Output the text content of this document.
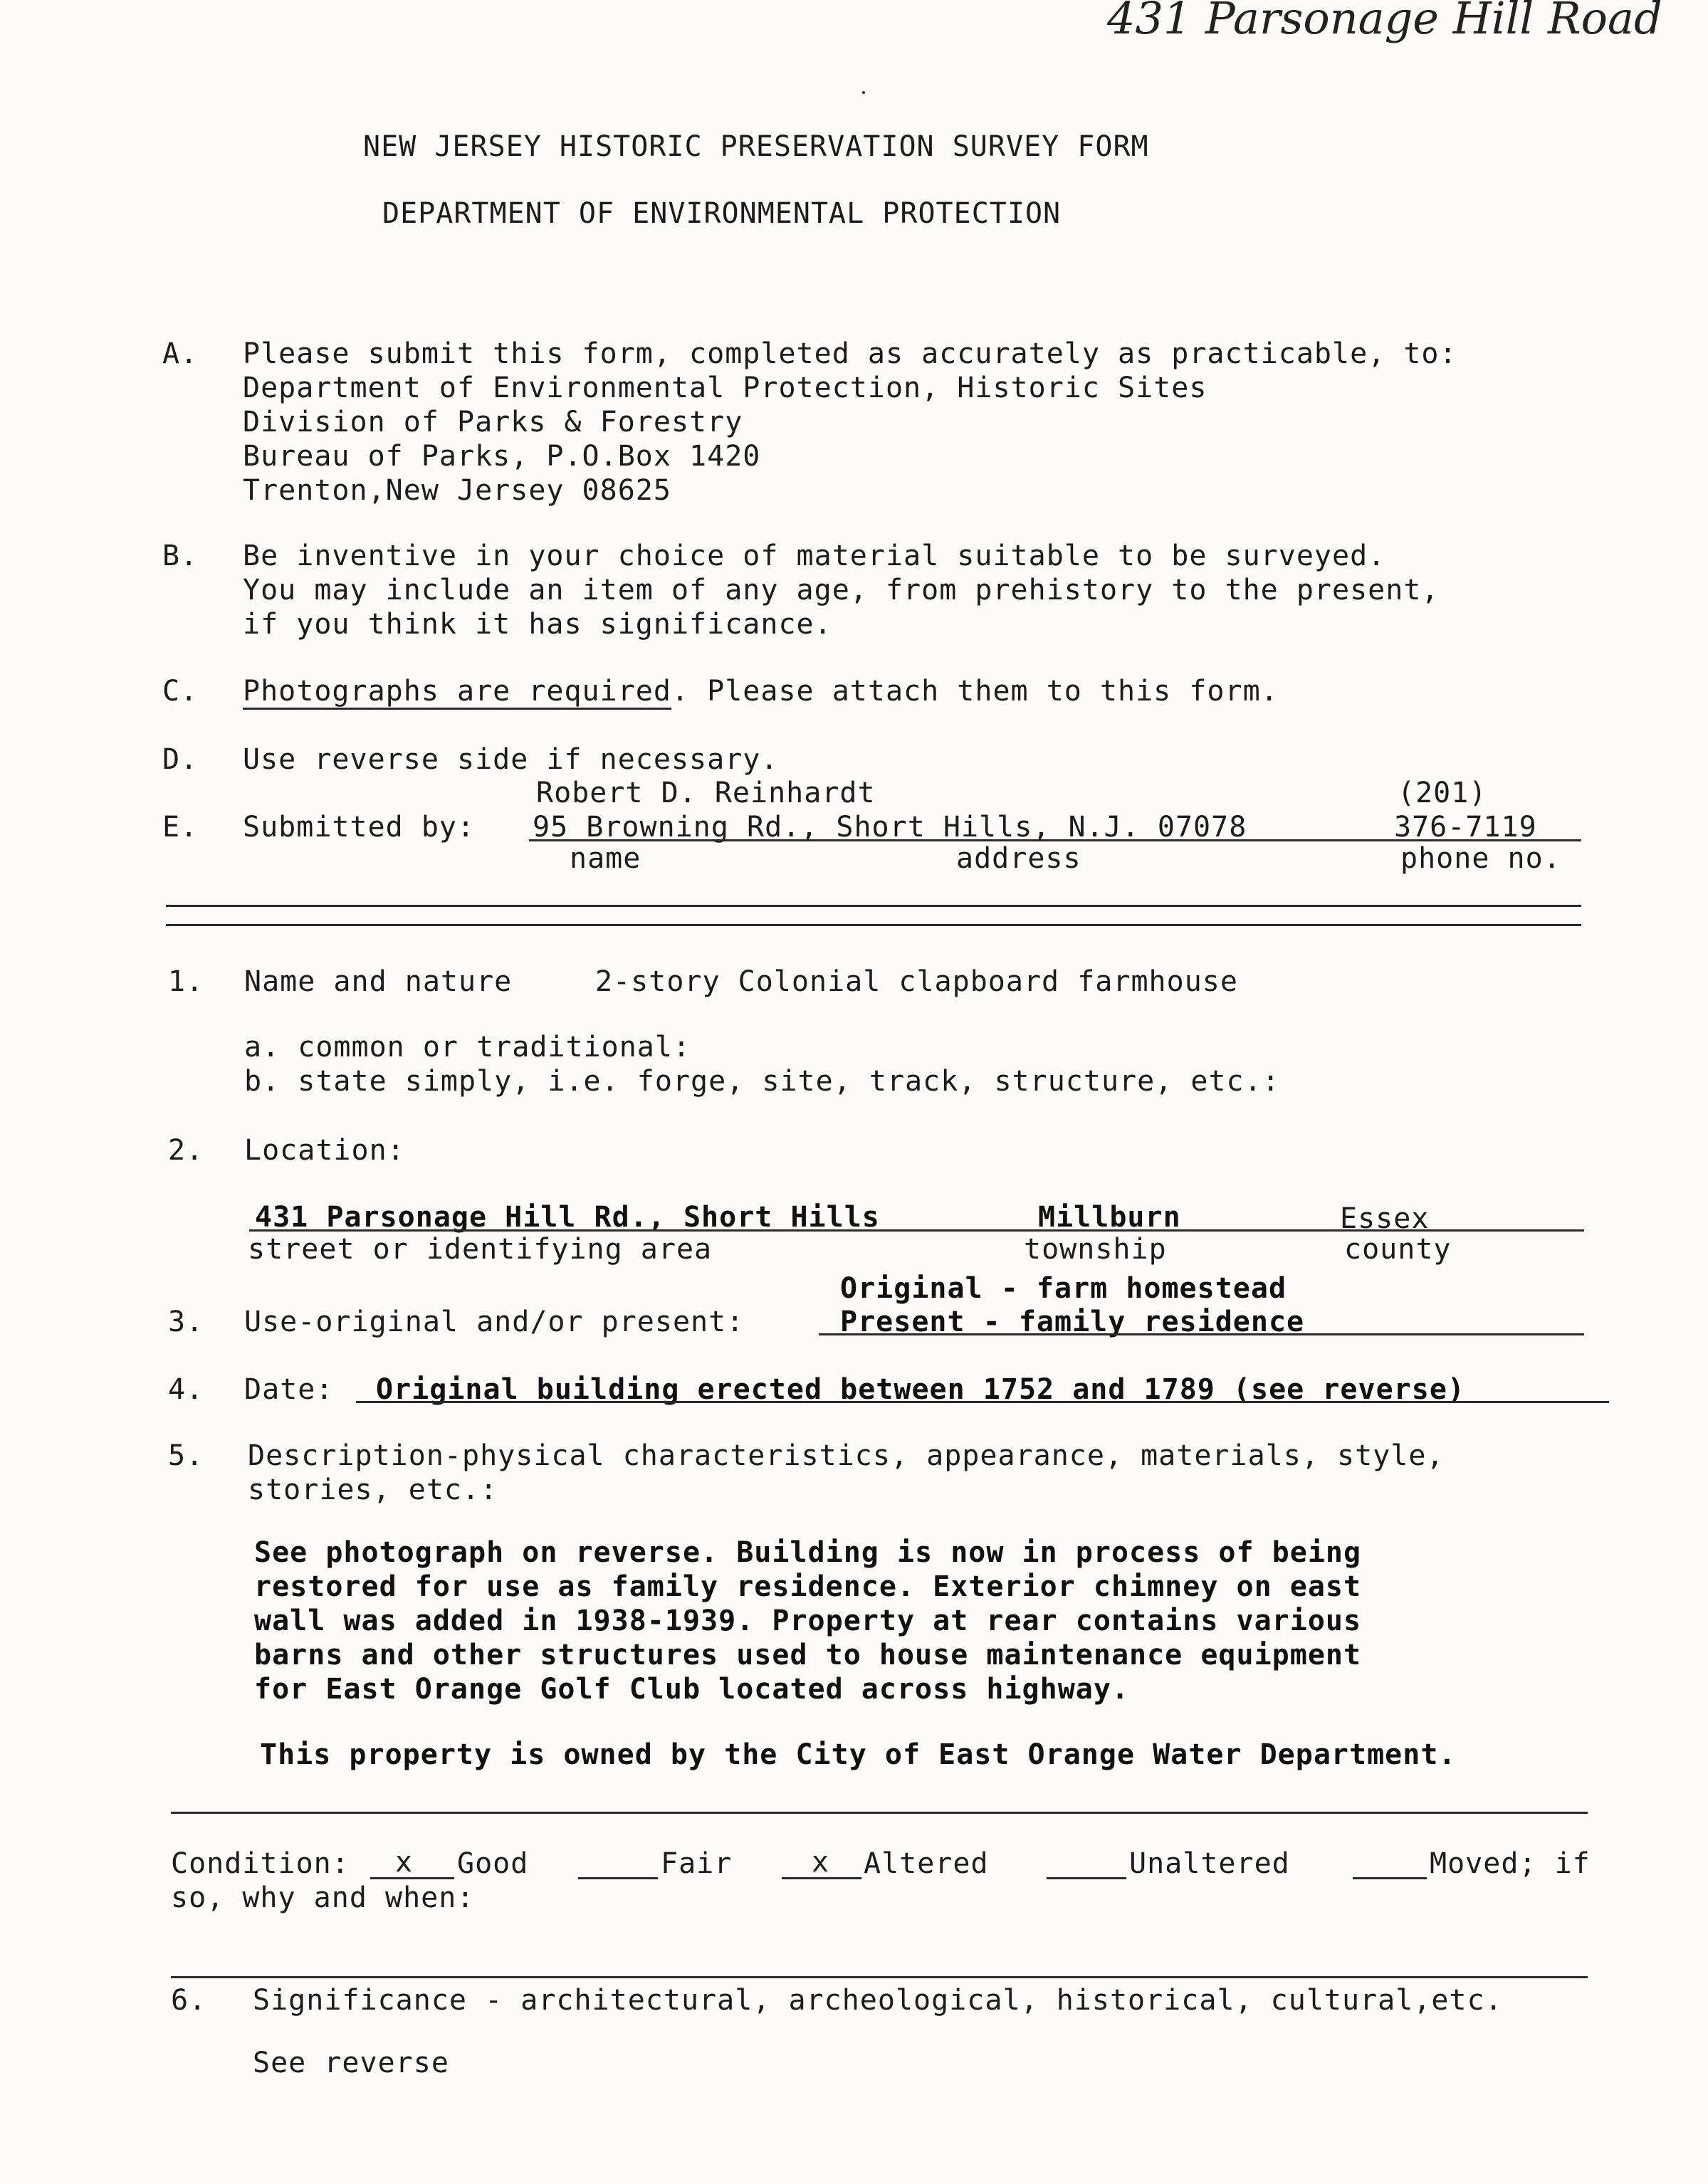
431 Parsonage Hill Road
NEW JERSEY HISTORIC PRESERVATION SURVEY FORM
DEPARTMENT OF ENVIRONMENTAL PROTECTION
A. Please submit this form, completed as accurately as practicable, to:
Department of Environmental Protection, Historic Sites
Division of Parks & Forestry
Bureau of Parks, P.O.Box 1420
Trenton,New Jersey 08625
B. Be inventive in your choice of material suitable to be surveyed.
You may include an item of any age, from prehistory to the present,
if you think it has significance.
C. Photographs are required. Please attach them to this form.
D. Use reverse side if necessary.
Robert D. Reinhardt	(201)
E. Submitted by: 95 Browning Rd., Short Hills, N.J. 07078	376-7119
name	address	phone no.
1. Name and nature	2-story Colonial clapboard farmhouse
a. common or traditional:
b. state simply, i.e. forge, site, track, structure, etc.:
2. Location:
431 Parsonage Hill Rd., Short Hills	Millburn	Essex
street or identifying area	township	county
Original - farm homestead
3. Use-original and/or present:	Present - family residence
4. Date: Original building erected between 1752 and 1789 (see reverse)
5. Description-physical characteristics, appearance, materials, style,
stories, etc.:
See photograph on reverse. Building is now in process of being
restored for use as family residence. Exterior chimney on east
wall was added in 1938-1939. Property at rear contains various
barns and other structures used to house maintenance equipment
for East Orange Golf Club located across highway.
This property is owned by the City of East Orange Water Department.
Condition: x Good	Fair	x Altered	Unaltered	Moved; if
so, why and when:
6. Significance - architectural, archeological, historical, cultural,etc.
See reverse
